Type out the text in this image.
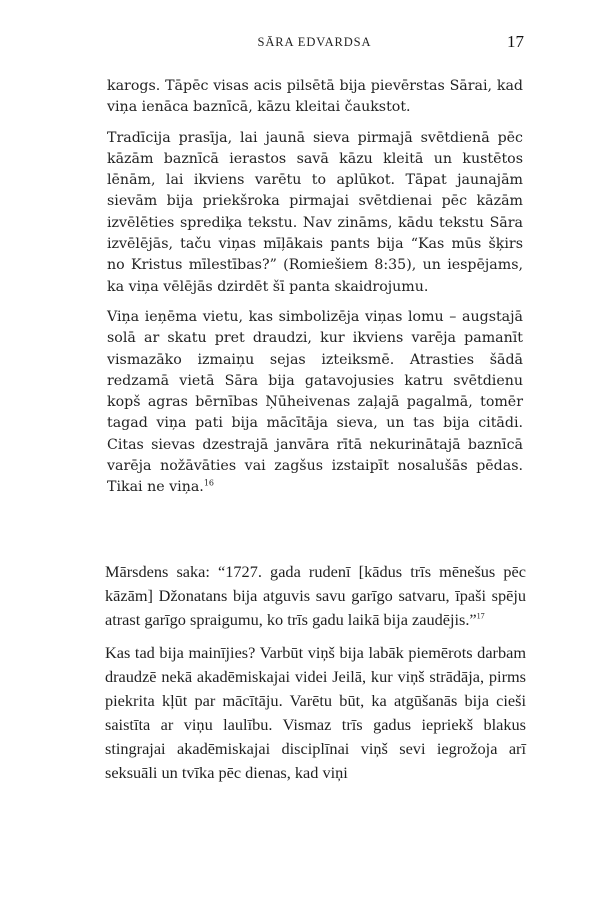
SĀRA EDVARDSA	17

karogs. Tāpēc visas acis pilsētā bija pievērstas Sārai, kad viņa ienāca baznīcā, kāzu kleitai čaukstot.

Tradīcija prasīja, lai jaunā sieva pirmajā svētdienā pēc kāzām baznīcā ierastos savā kāzu kleitā un kustētos lēnām, lai ikviens varētu to aplūkot. Tāpat jaunajām sievām bija priekšroka pirmajai svētdienai pēc kāzām izvēlēties sprediķa tekstu. Nav zināms, kādu tekstu Sāra izvēlējās, taču viņas mīļākais pants bija “Kas mūs šķirs no Kristus mīlestības?” (Romiešiem 8:35), un iespējams, ka viņa vēlējās dzirdēt šī panta skaidrojumu.

Viņa ieņēma vietu, kas simbolizēja viņas lomu – augstajā solā ar skatu pret draudzi, kur ikviens varēja pamanīt vismazāko izmaiņu sejas izteiksmē. Atrasties šādā redzamā vietā Sāra bija gatavojusies katru svētdienu kopš agras bērnības Ņūheivenas zaļajā pagalmā, tomēr tagad viņa pati bija mācītāja sieva, un tas bija citādi. Citas sievas dzestrajā janvāra rītā nekurinātajā baznīcā varēja nožāvāties vai zagšus izstaipīt nosalušās pēdas. Tikai ne viņa.$^{16}$

Mārsdens saka: “1727. gada rudenī [kādus trīs mēnešus pēc kāzām] Džonatans bija atguvis savu garīgo satvaru, īpaši spēju atrast garīgo spraigumu, ko trīs gadu laikā bija zaudējis.”$^{17}$

Kas tad bija mainījies? Varbūt viņš bija labāk piemērots darbam draudzē nekā akadēmiskajai videi Jeilā, kur viņš strādāja, pirms piekrita kļūt par mācītāju. Varētu būt, ka atgūšanās bija cieši saistīta ar viņu laulību. Vismaz trīs gadus iepriekš blakus stingrajai akadēmiskajai disciplīnai viņš sevi iegrožoja arī seksuāli un tvīka pēc dienas, kad viņi
